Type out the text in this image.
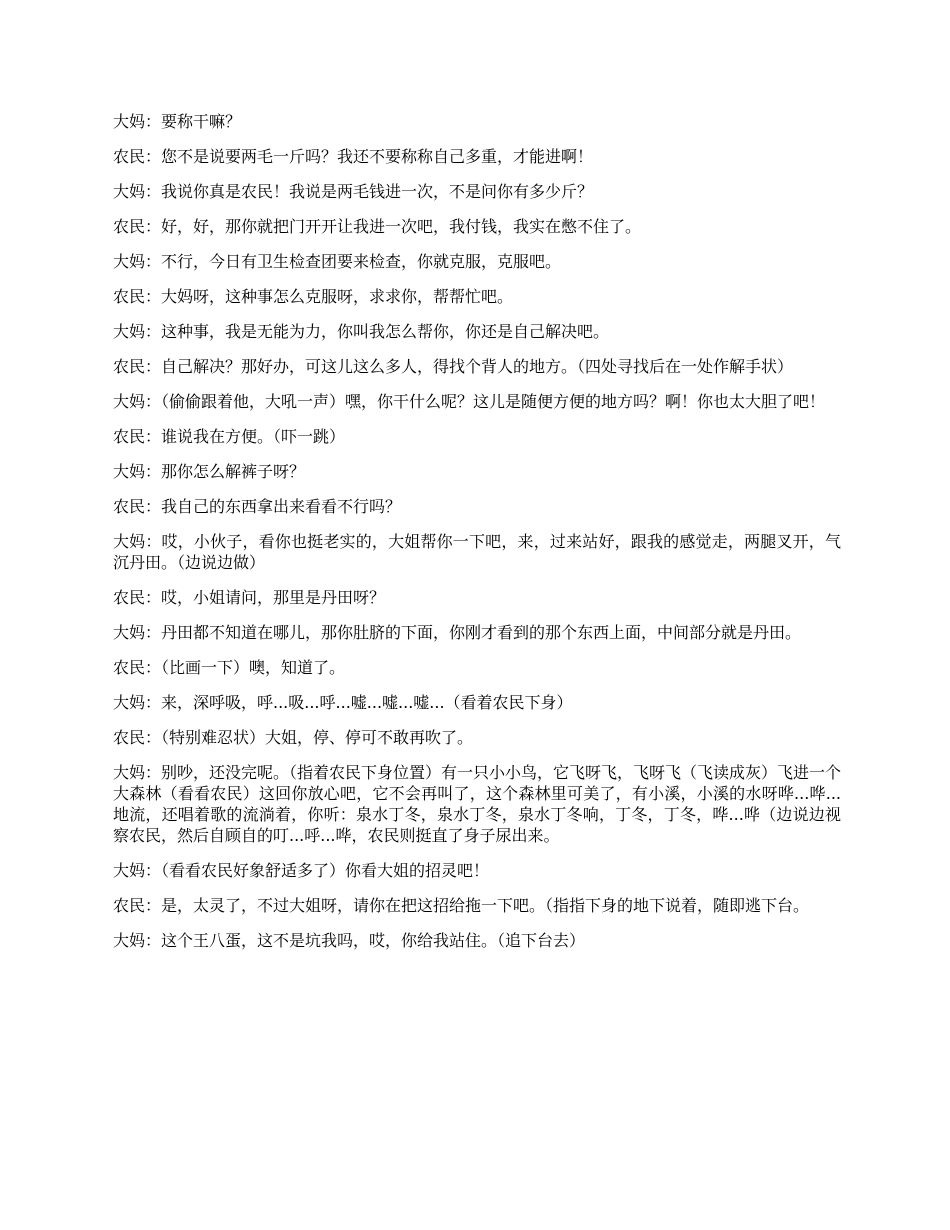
大妈：要称干嘛？

农民：您不是说要两毛一斤吗？我还不要称称自己多重，才能进啊！

大妈：我说你真是农民！我说是两毛钱进一次，不是问你有多少斤？

农民：好，好，那你就把门开开让我进一次吧，我付钱，我实在憋不住了。

大妈：不行，今日有卫生检查团要来检查，你就克服，克服吧。

农民：大妈呀，这种事怎么克服呀，求求你，帮帮忙吧。

大妈：这种事，我是无能为力，你叫我怎么帮你，你还是自己解决吧。

农民：自己解决？那好办，可这儿这么多人，得找个背人的地方。（四处寻找后在一处作解手状）

大妈：（偷偷跟着他，大吼一声）嘿，你干什么呢？这儿是随便方便的地方吗？啊！你也太大胆了吧！

农民：谁说我在方便。（吓一跳）

大妈：那你怎么解裤子呀？

农民：我自己的东西拿出来看看不行吗？

大妈：哎，小伙子，看你也挺老实的，大姐帮你一下吧，来，过来站好，跟我的感觉走，两腿叉开，气沉丹田。（边说边做）

农民：哎，小姐请问，那里是丹田呀？

大妈：丹田都不知道在哪儿，那你肚脐的下面，你刚才看到的那个东西上面，中间部分就是丹田。

农民：（比画一下）噢，知道了。

大妈：来，深呼吸，呼...吸...呼...嘘...嘘...嘘...（看着农民下身）

农民：（特别难忍状）大姐，停、停可不敢再吹了。

大妈：别吵，还没完呢。（指着农民下身位置）有一只小小鸟，它飞呀飞，飞呀飞（飞读成灰）飞进一个大森林（看看农民）这回你放心吧，它不会再叫了，这个森林里可美了，有小溪，小溪的水呀哗...哗...地流，还唱着歌的流淌着，你听：泉水丁冬，泉水丁冬，泉水丁冬响，丁冬，丁冬，哗...哗（边说边视察农民，然后自顾自的叮...呼...哗，农民则挺直了身子尿出来。

大妈：（看看农民好象舒适多了）你看大姐的招灵吧！

农民：是，太灵了，不过大姐呀，请你在把这招给拖一下吧。（指指下身的地下说着，随即逃下台。

大妈：这个王八蛋，这不是坑我吗，哎，你给我站住。（追下台去）
